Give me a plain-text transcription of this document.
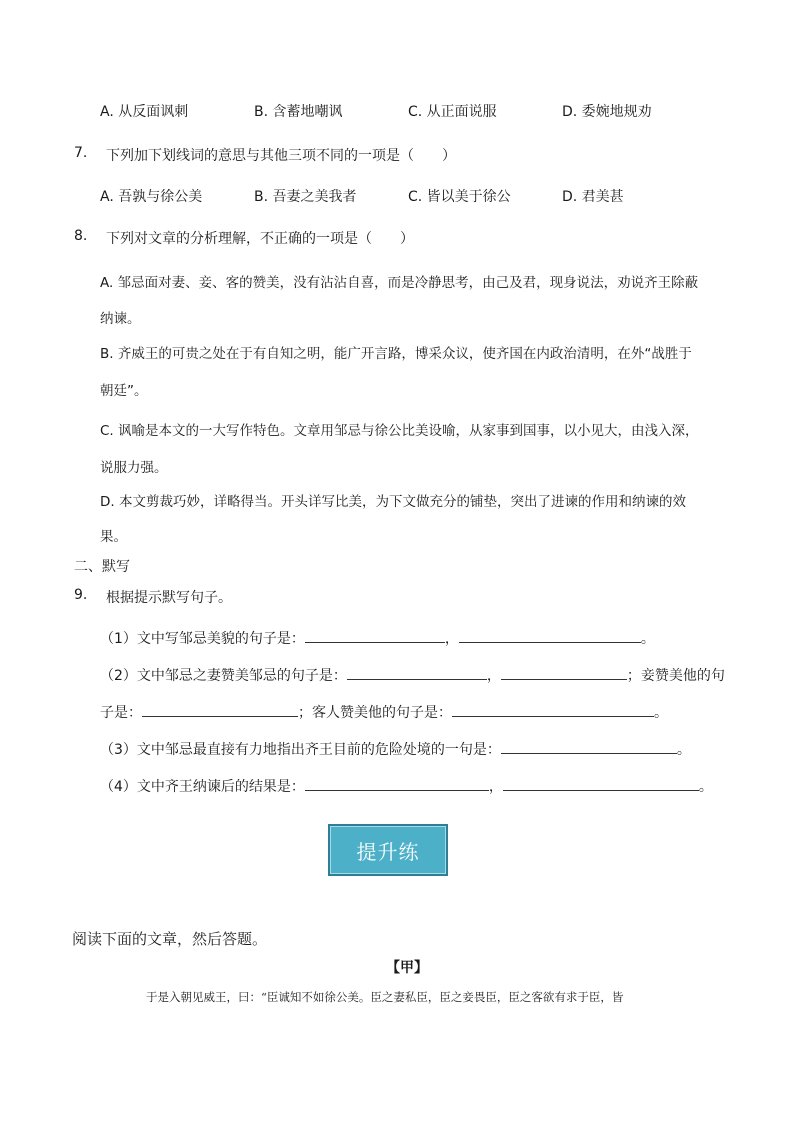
A. 从反面讽刺	B. 含蓄地嘲讽	C. 从正面说服	D. 委婉地规劝
7. 下列加下划线词的意思与其他三项不同的一项是（　　）
A. 吾孰与徐公美	B. 吾妻之美我者	C. 皆以美于徐公	D. 君美甚
8. 下列对文章的分析理解，不正确的一项是（　　）
A. 邹忌面对妻、妾、客的赞美，没有沾沾自喜，而是冷静思考，由己及君，现身说法，劝说齐王除蔽
纳谏。
B. 齐威王的可贵之处在于有自知之明，能广开言路，博采众议，使齐国在内政治清明，在外“战胜于
朝廷”。
C. 讽喻是本文的一大写作特色。文章用邹忌与徐公比美设喻，从家事到国事，以小见大，由浅入深，
说服力强。
D. 本文剪裁巧妙，详略得当。开头详写比美，为下文做充分的铺垫，突出了进谏的作用和纳谏的效
果。
二、默写
9. 根据提示默写句子。
（1）文中写邹忌美貌的句子是：	，	。
（2）文中邹忌之妻赞美邹忌的句子是：	，	；妾赞美他的句
子是：	；客人赞美他的句子是：	。
（3）文中邹忌最直接有力地指出齐王目前的危险处境的一句是：	。
（4）文中齐王纳谏后的结果是：	，	。
提升练
阅读下面的文章，然后答题。
【甲】
于是入朝见威王，曰：“臣诚知不如徐公美。臣之妻私臣，臣之妾畏臣，臣之客欲有求于臣，皆
